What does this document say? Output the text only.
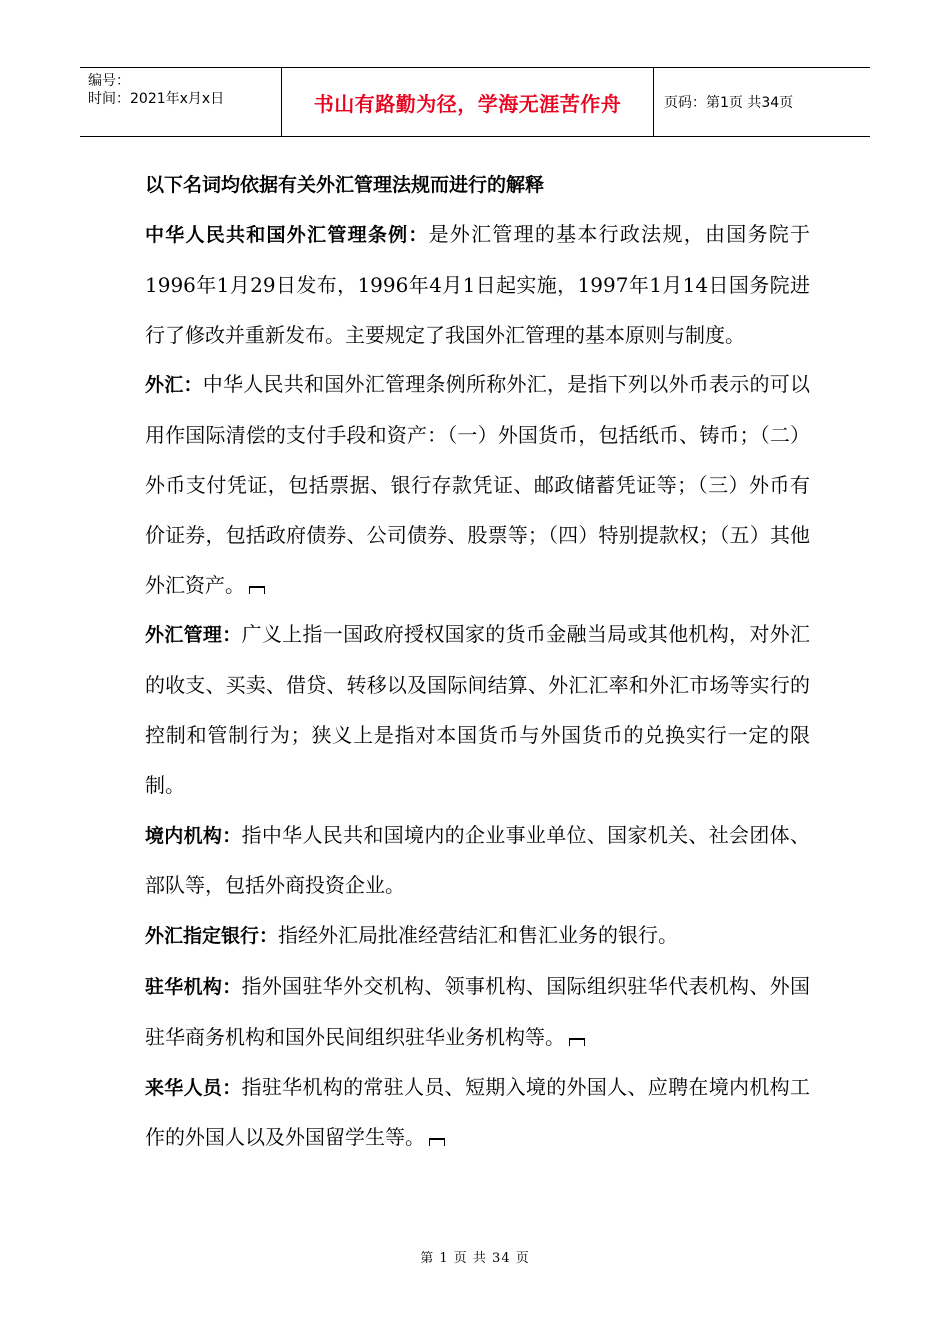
编号：
时间：2021年x月x日	书山有路勤为径，学海无涯苦作舟	页码：第1页 共34页

以下名词均依据有关外汇管理法规而进行的解释

中华人民共和国外汇管理条例：是外汇管理的基本行政法规，由国务院于1996年1月29日发布，1996年4月1日起实施，1997年1月14日国务院进行了修改并重新发布。主要规定了我国外汇管理的基本原则与制度。

外汇：中华人民共和国外汇管理条例所称外汇，是指下列以外币表示的可以用作国际清偿的支付手段和资产：（一）外国货币，包括纸币、铸币；（二）外币支付凭证，包括票据、银行存款凭证、邮政储蓄凭证等；（三）外币有价证券，包括政府债券、公司债券、股票等；（四）特别提款权；（五）其他外汇资产。

外汇管理：广义上指一国政府授权国家的货币金融当局或其他机构，对外汇的收支、买卖、借贷、转移以及国际间结算、外汇汇率和外汇市场等实行的控制和管制行为；狭义上是指对本国货币与外国货币的兑换实行一定的限制。

境内机构：指中华人民共和国境内的企业事业单位、国家机关、社会团体、部队等，包括外商投资企业。

外汇指定银行：指经外汇局批准经营结汇和售汇业务的银行。

驻华机构：指外国驻华外交机构、领事机构、国际组织驻华代表机构、外国驻华商务机构和国外民间组织驻华业务机构等。

来华人员：指驻华机构的常驻人员、短期入境的外国人、应聘在境内机构工作的外国人以及外国留学生等。

第 1 页 共 34 页
